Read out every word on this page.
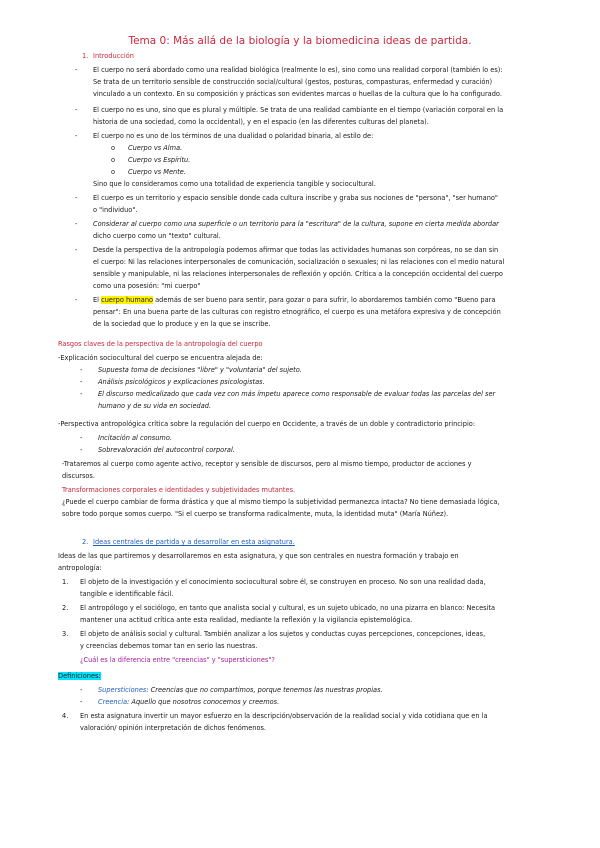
Tema 0: Más allá de la biología y la biomedicina ideas de partida.
1. Introducción
- El cuerpo no será abordado como una realidad biológica (realmente lo es), sino como una realidad corporal (también lo es):
Se trata de un territorio sensible de construcción social/cultural (gestos, posturas, compasturas, enfermedad y curación)
vinculado a un contexto. En su composición y prácticas son evidentes marcas o huellas de la cultura que lo ha configurado.
- El cuerpo no es uno, sino que es plural y múltiple. Se trata de una realidad cambiante en el tiempo (variación corporal en la
historia de una sociedad, como la occidental), y en el espacio (en las diferentes culturas del planeta).
- El cuerpo no es uno de los términos de una dualidad o polaridad binaria, al estilo de:
o Cuerpo vs Alma.
o Cuerpo vs Espíritu.
o Cuerpo vs Mente.
Sino que lo consideramos como una totalidad de experiencia tangible y sociocultural.
- El cuerpo es un territorio y espacio sensible donde cada cultura inscribe y graba sus nociones de "persona", "ser humano"
o "individuo".
- Considerar al cuerpo como una superficie o un territorio para la "escritura" de la cultura, supone en cierta medida abordar
dicho cuerpo como un "texto" cultural.
- Desde la perspectiva de la antropología podemos afirmar que todas las actividades humanas son corpóreas, no se dan sin
el cuerpo: Ni las relaciones interpersonales de comunicación, socialización o sexuales; ni las relaciones con el medio natural
sensible y manipulable, ni las relaciones interpersonales de reflexión y opción. Crítica a la concepción occidental del cuerpo
como una posesión: "mi cuerpo"
- El cuerpo humano además de ser bueno para sentir, para gozar o para sufrir, lo abordaremos también como "Bueno para
pensar": En una buena parte de las culturas con registro etnográfico, el cuerpo es una metáfora expresiva y de concepción
de la sociedad que lo produce y en la que se inscribe.
Rasgos claves de la perspectiva de la antropología del cuerpo
-Explicación sociocultural del cuerpo se encuentra alejada de:
- Supuesta toma de decisiones "libre" y "voluntaria" del sujeto.
- Análisis psicológicos y explicaciones psicologistas.
- El discurso medicalizado que cada vez con más ímpetu aparece como responsable de evaluar todas las parcelas del ser
humano y de su vida en sociedad.
-Perspectiva antropológica crítica sobre la regulación del cuerpo en Occidente, a través de un doble y contradictorio principio:
- Incitación al consumo.
- Sobrevaloración del autocontrol corporal.
-Trataremos al cuerpo como agente activo, receptor y sensible de discursos, pero al mismo tiempo, productor de acciones y
discursos.
Transformaciones corporales e identidades y subjetividades mutantes.
¿Puede el cuerpo cambiar de forma drástica y que al mismo tiempo la subjetividad permanezca intacta? No tiene demasiada lógica,
sobre todo porque somos cuerpo. "Si el cuerpo se transforma radicalmente, muta, la identidad muta" (María Núñez).
2. Ideas centrales de partida y a desarrollar en esta asignatura.
Ideas de las que partiremos y desarrollaremos en esta asignatura, y que son centrales en nuestra formación y trabajo en
antropología:
1. El objeto de la investigación y el conocimiento sociocultural sobre él, se construyen en proceso. No son una realidad dada,
tangible e identificable fácil.
2. El antropólogo y el sociólogo, en tanto que analista social y cultural, es un sujeto ubicado, no una pizarra en blanco: Necesita
mantener una actitud crítica ante esta realidad, mediante la reflexión y la vigilancia epistemológica.
3. El objeto de análisis social y cultural. También analizar a los sujetos y conductas cuyas percepciones, concepciones, ideas,
y creencias debemos tomar tan en serio las nuestras.
¿Cuál es la diferencia entre "creencias" y "supersticiones"?
Definiciones:
- Supersticiones: Creencias que no compartimos, porque tenemos las nuestras propias.
- Creencia: Aquello que nosotros conocemos y creemos.
4. En esta asignatura invertir un mayor esfuerzo en la descripción/observación de la realidad social y vida cotidiana que en la
valoración/ opinión interpretación de dichos fenómenos.
